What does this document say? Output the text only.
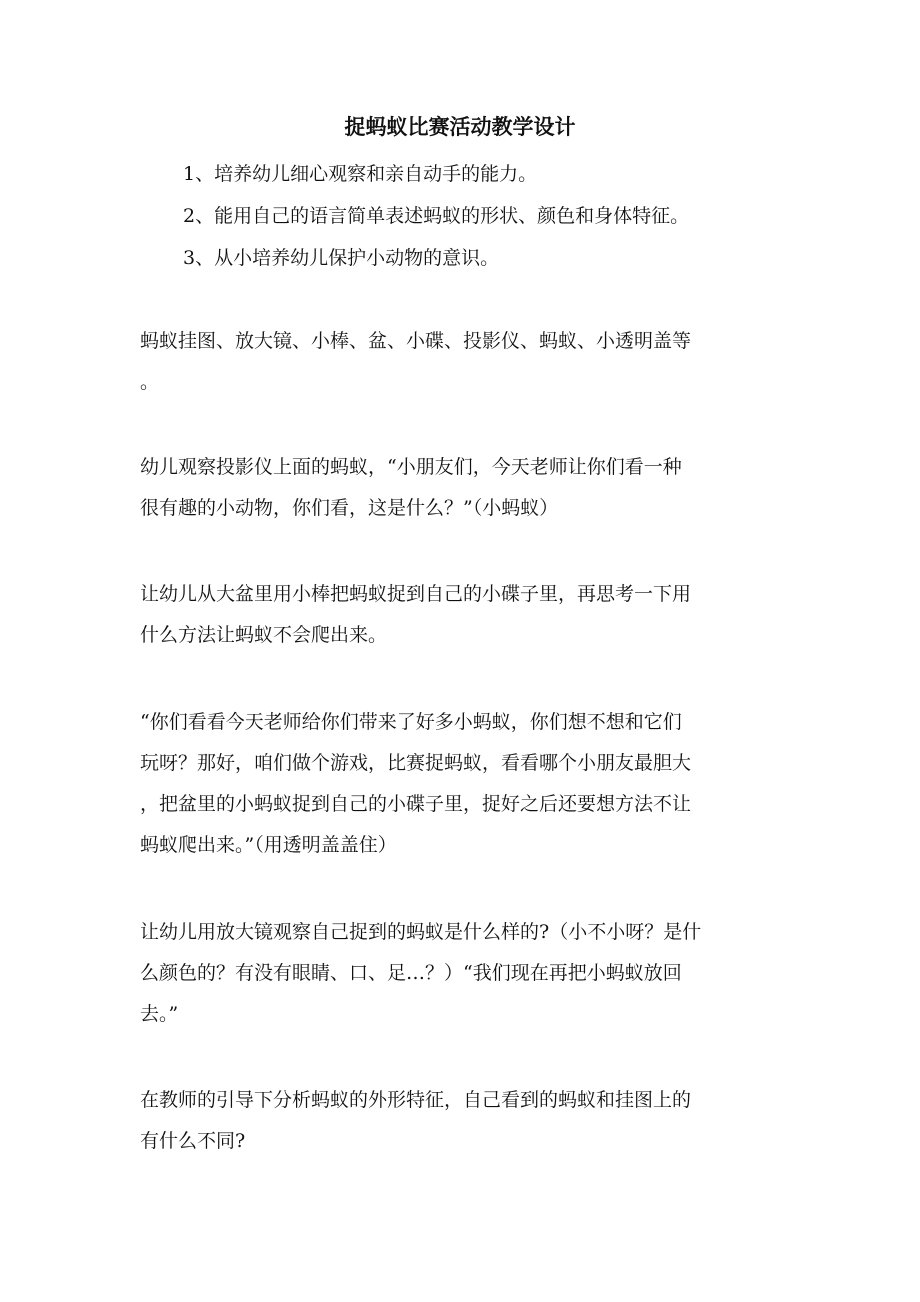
捉蚂蚁比赛活动教学设计
1、培养幼儿细心观察和亲自动手的能力。
2、能用自己的语言简单表述蚂蚁的形状、颜色和身体特征。
3、从小培养幼儿保护小动物的意识。
蚂蚁挂图、放大镜、小棒、盆、小碟、投影仪、蚂蚁、小透明盖等
。
幼儿观察投影仪上面的蚂蚁，“小朋友们，今天老师让你们看一种
很有趣的小动物，你们看，这是什么？”（小蚂蚁）
让幼儿从大盆里用小棒把蚂蚁捉到自己的小碟子里，再思考一下用
什么方法让蚂蚁不会爬出来。
“你们看看今天老师给你们带来了好多小蚂蚁，你们想不想和它们
玩呀？那好，咱们做个游戏，比赛捉蚂蚁，看看哪个小朋友最胆大
，把盆里的小蚂蚁捉到自己的小碟子里，捉好之后还要想方法不让
蚂蚁爬出来。”（用透明盖盖住）
让幼儿用放大镜观察自己捉到的蚂蚁是什么样的?（小不小呀？是什
么颜色的？有没有眼睛、口、足…？）“我们现在再把小蚂蚁放回
去。”
在教师的引导下分析蚂蚁的外形特征，自己看到的蚂蚁和挂图上的
有什么不同?
